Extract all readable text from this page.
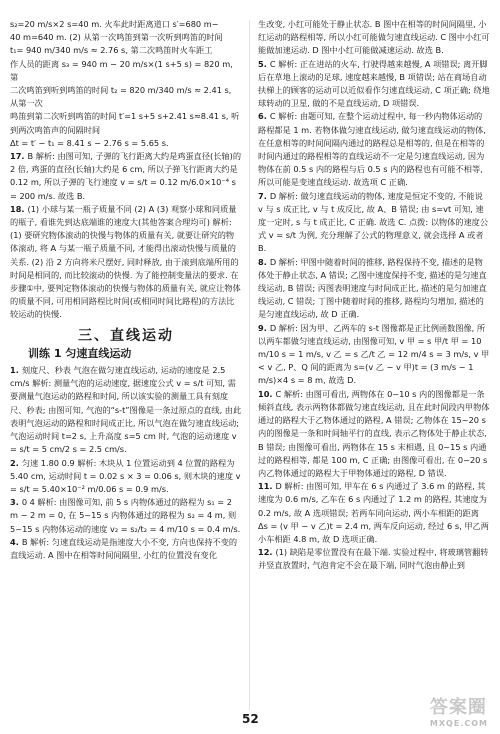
s₂=20 m/s×2 s=40 m. 火车此时距离道口 s′=680 m−
40 m=640 m. (2) 从第一次鸣笛到第一次听到鸣笛的时间
t₁= 940 m/340 m/s ≈ 2.76 s, 第二次鸣笛时火车距工
作人员的距离 s₃ = 940 m − 20 m/s×(1 s+5 s) = 820 m, 第
二次鸣笛到听到鸣笛的时间 t₂ = 820 m/340 m/s ≈ 2.41 s, 从第一次
鸣笛到第二次听到鸣笛的时间 t′=1 s+5 s+2.41 s≈8.41 s, 听到两次鸣笛声的间隔时间
Δt = t′ − t₁ = 8.41 s − 2.76 s = 5.65 s.
17. B 解析: 由图可知, 子弹的飞行距离大约是鸡蛋直径(长轴)的 2 倍, 鸡蛋的直径(长轴)大约是 6 cm, 所以子弹飞行距离大约是 0.12 m, 所以子弹的飞行速度 v = s/t = 0.12 m/6.0×10⁻⁴ s = 200 m/s. 故选 B.
18. (1) 小球与某一瓶子质量不同 (2) A (3) 观察小球和同质量的瓶子, 看谁先到达底端谁的速度大(其他答案合理均可) 解析: (1) 要研究物体滚动的快慢与物体的质量有关, 就要让研究的物体滚动, 将 A 与某一瓶子质量不同, 才能得出滚动快慢与质量的关系. (2) 沿 2 方向将米尺摆好, 同时释放, 由于滚到底端所用的时间是相同的, 而比较滚动的快慢. 为了能控制变量法的要求. 在步骤①中, 要判定物体滚动的快慢与物体的质量有关, 就应让物体的质量不同, 可用相同路程比时间(或相同时间比路程)的方法比较运动的快慢.
三、直线运动
训练 1 匀速直线运动
1. 刻度尺、秒表 气泡在做匀速直线运动, 运动的速度是 2.5 cm/s 解析: 测量气泡的运动速度, 据速度公式 v = s/t 可知, 需要测量气泡运动的路程和时间, 所以该实验的测量工具有刻度尺、秒表; 由图可知, 气泡的“s-t”图像是一条过原点的直线, 由此表明气泡运动的路程和时间成正比, 所以气泡在做匀速直线运动; 气泡运动时间 t=2 s, 上升高度 s=5 cm 时, 气泡的运动速度 v = s/t = 5 cm/2 s = 2.5 cm/s.
2. 匀速 1.80 0.9 解析: 木块从 1 位置运动到 4 位置的路程为 5.40 cm, 运动时间 t = 0.02 s × 3 = 0.06 s, 则木块的速度 v = s/t = 5.40×10⁻² m/0.06 s = 0.9 m/s.
3. 0 4 解析: 由图像可知, 前 5 s 内物体通过的路程为 s₁ = 2 m − 2 m = 0, 在 5~15 s 内物体通过的路程为 s₂ = 4 m, 则 5~15 s 内物体运动的速度 v₂ = s₂/t₂ = 4 m/10 s = 0.4 m/s.
4. B 解析: 匀速直线运动是指速度大小不变, 方向也保持不变的直线运动. A 图中在相等时间间隔里, 小红的位置没有变化
生改变, 小红可能处于静止状态. B 图中在相等的时间间隔里, 小红运动的路程相等, 所以小红可能做匀速直线运动. C 图中小红可能做加速运动. D 图中小红可能做减速运动. 故选 B.
5. C 解析: 正在进站的火车, 行驶得越来越慢, A 项错误; 离开脚后在草地上滚动的足球, 速度越来越慢, B 项错误; 站在商场自动扶梯上的顾客的运动可以近似看作匀速直线运动, C 项正确; 绕地球转动的卫星, 做的不是直线运动, D 项错误.
6. C 解析: 由题可知, 在整个运动过程中, 每一秒内物体运动的路程都是 1 m. 若物体做匀速直线运动, 做匀速直线运动的物体, 在任意相等的时间间隔内通过的路程总是相等的, 但是在相等的时间内通过的路程相等的直线运动不一定是匀速直线运动, 因为物体在前 0.5 s 内的路程与后 0.5 s 内的路程也有可能不相等, 所以可能是变速直线运动. 故选项 C 正确.
7. D 解析: 做匀速直线运动的物体, 速度是恒定不变的, 不能说 v 与 s 成正比, v 与 t 成反比, 故 A、B 错误; 由 s=vt 可知, 速度一定时, s 与 t 成正比, C 正确. 故选 C. 点拨: 以物体的速度公式 v = s/t 为例, 充分理解了公式的物理意义, 就会选择 A 或者 B.
8. D 解析: 甲图中随着时间的推移, 路程保持不变, 描述的是物体处于静止状态, A 错误; 乙图中速度保持不变, 描述的是匀速直线运动, B 错误; 丙图表明速度与时间成正比, 描述的是匀加速直线运动, C 错误; 丁图中随着时间的推移, 路程均匀增加, 描述的是匀速直线运动, 故 D 正确.
9. D 解析: 因为甲、乙两车的 s-t 图像都是正比例函数图像, 所以两车都做匀速直线运动, 由图像可知, v 甲 = s 甲/t 甲 = 10 m/10 s = 1 m/s, v 乙 = s 乙/t 乙 = 12 m/4 s = 3 m/s, v 甲 < v 乙, P、Q 间的距离为 s=(v 乙 − v 甲)t = (3 m/s − 1 m/s)×4 s = 8 m, 故选 D.
10. C 解析: 由图可看出, 两物体在 0~10 s 内的图像都是一条倾斜直线, 表示两物体都做匀速直线运动, 且在此时间段内甲物体通过的路程大于乙物体通过的路程, A 错误; 乙物体在 15~20 s 内的图像是一条和时间轴平行的直线, 表示乙物体处于静止状态, B 错误; 由图像可看出, 两物体在 15 s 末相遇, 且 0~15 s 内通过的路程相等, 都是 100 m, C 正确; 由图像可看出, 在 0~20 s 内乙物体通过的路程大于甲物体通过的路程, D 错误.
11. D 解析: 由图可知, 甲车在 6 s 内通过了 3.6 m 的路程, 其速度为 0.6 m/s, 乙车在 6 s 内通过了 1.2 m 的路程, 其速度为 0.2 m/s, 故 A 选项错误; 若两车同向运动, 两小车相距的距离 Δs = (v 甲 − v 乙)t = 2.4 m, 两车反向运动, 经过 6 s, 甲乙两小车相距 4.8 m, 故 D 选项正确.
12. (1) 缺陷是零位置没有在最下端. 实验过程中, 将玻璃管翻转并竖直放置时, 气泡肯定不会在最下端, 同时气泡由静止到
52
答案圈
MXQE.COM
